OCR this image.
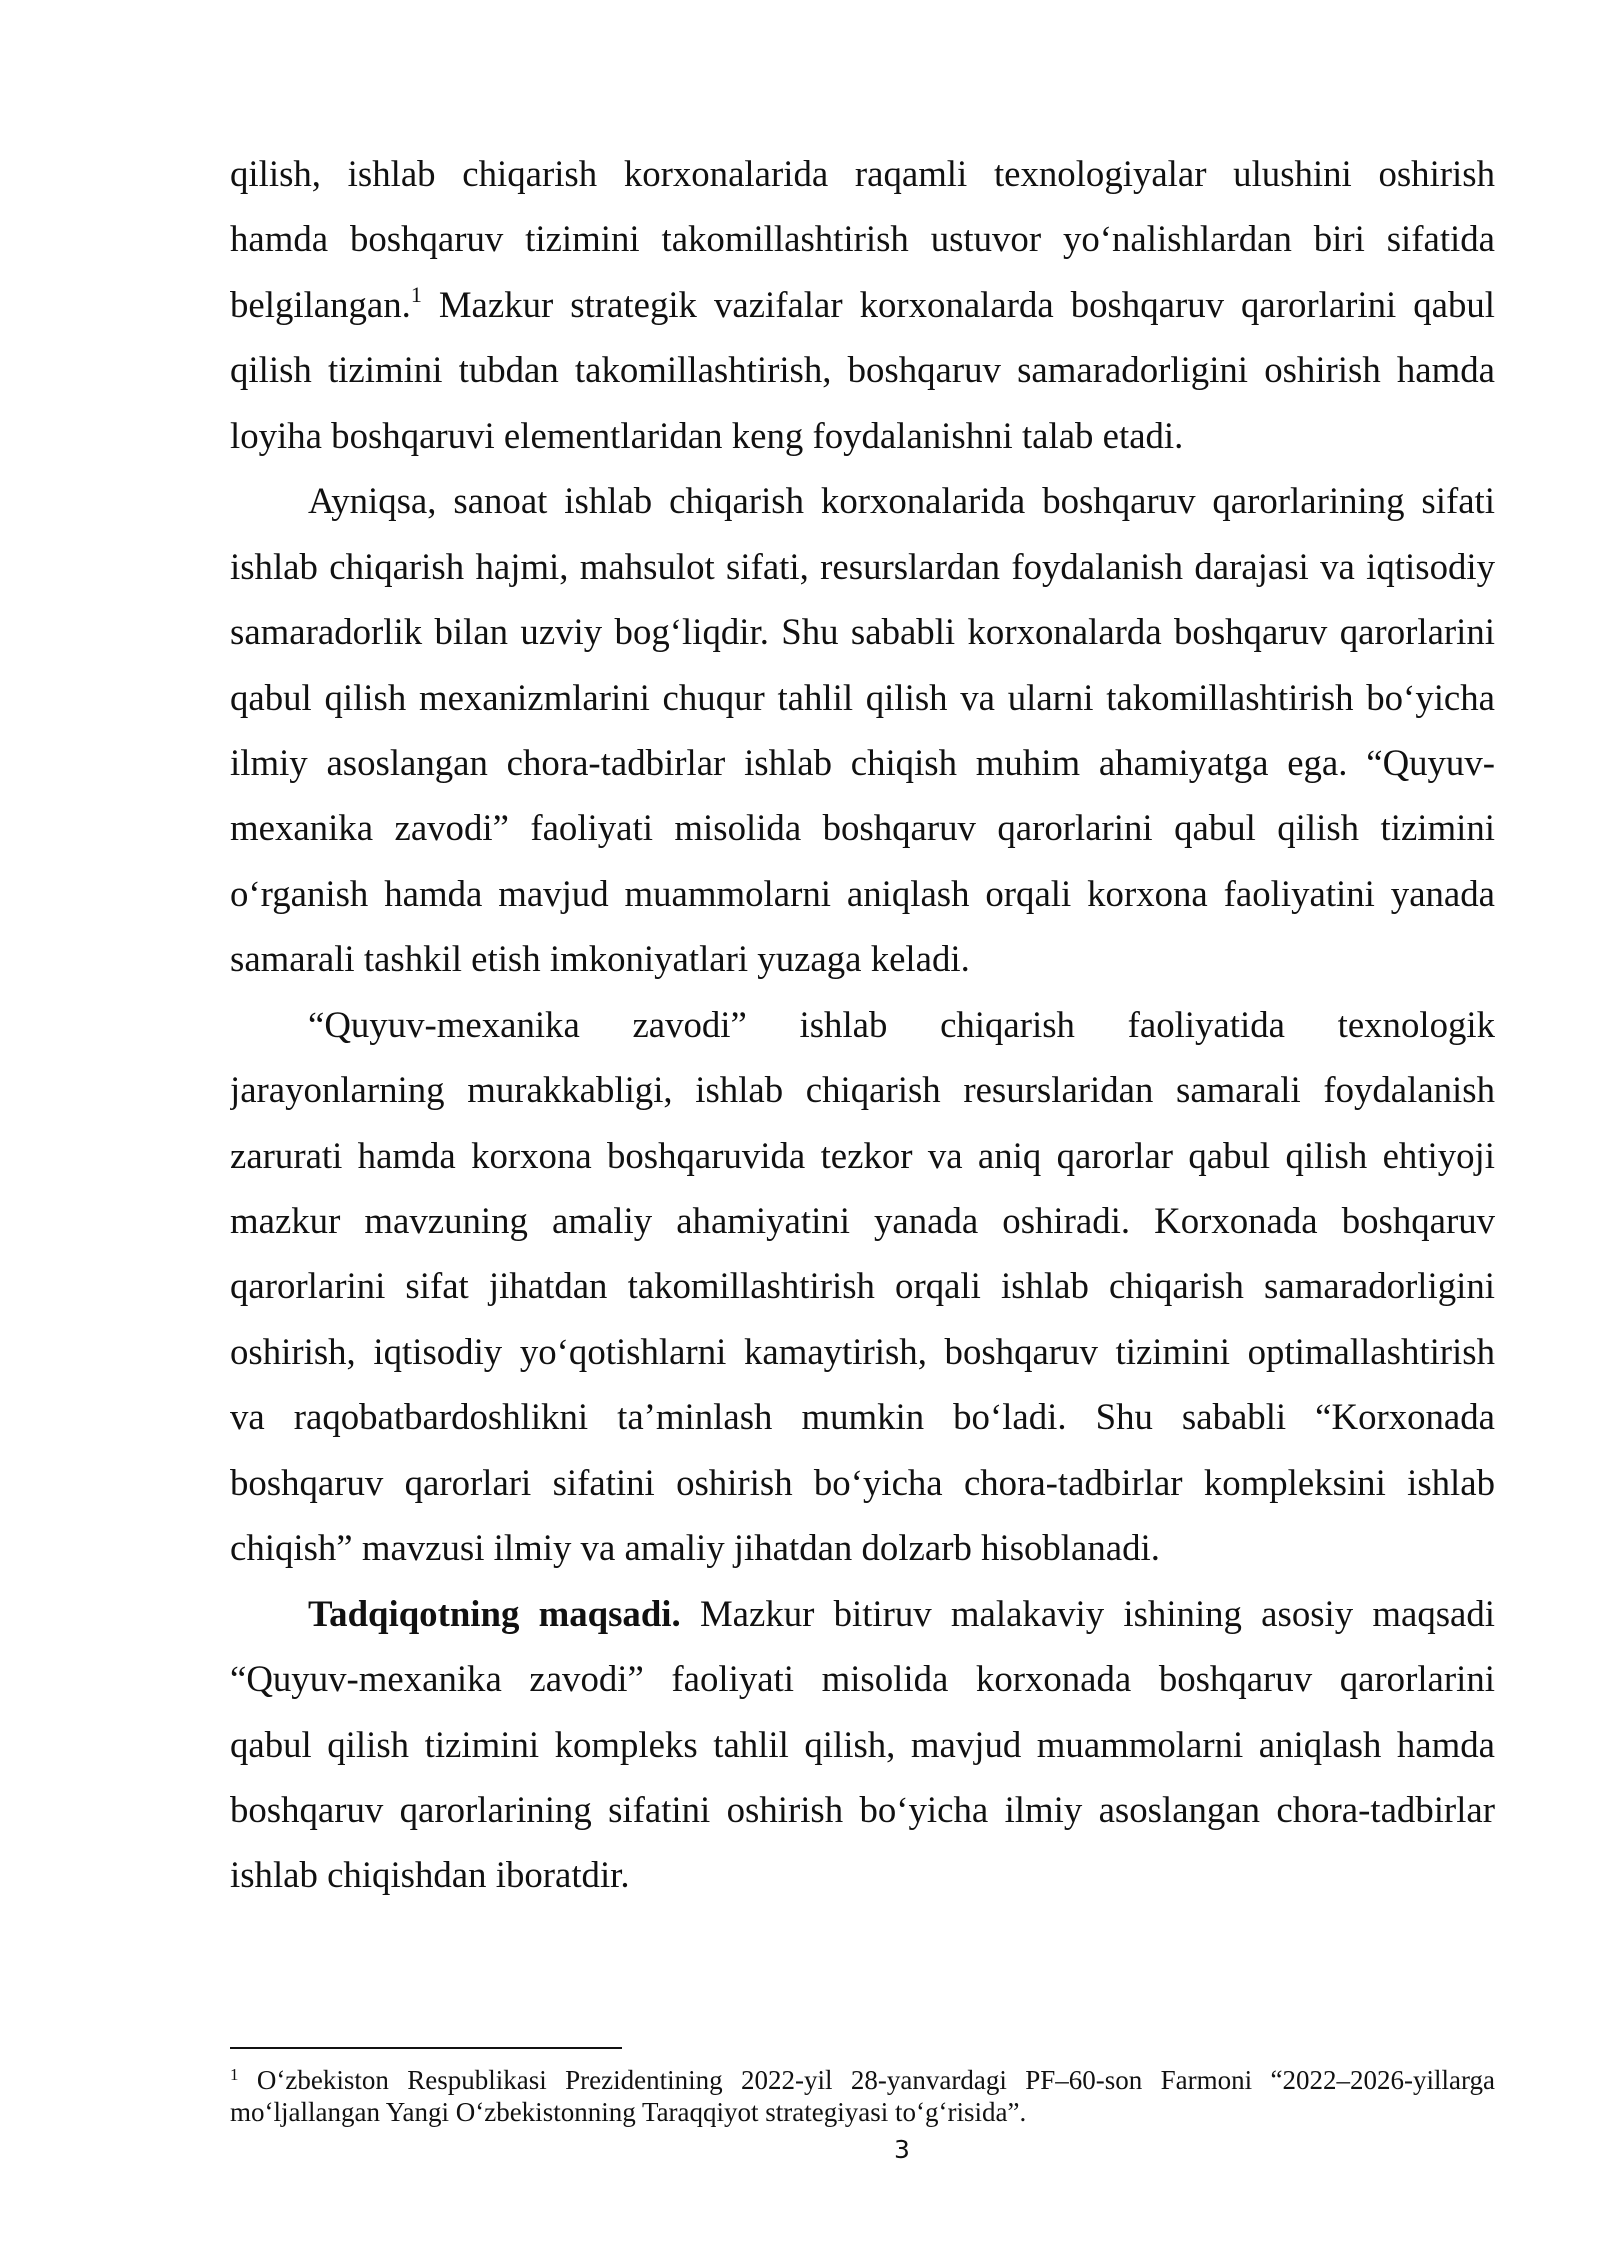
qilish, ishlab chiqarish korxonalarida raqamli texnologiyalar ulushini oshirish
hamda boshqaruv tizimini takomillashtirish ustuvor yo‘nalishlardan biri sifatida
belgilangan.$^1$ Mazkur strategik vazifalar korxonalarda boshqaruv qarorlarini qabul
qilish tizimini tubdan takomillashtirish, boshqaruv samaradorligini oshirish hamda
loyiha boshqaruvi elementlaridan keng foydalanishni talab etadi.
Ayniqsa, sanoat ishlab chiqarish korxonalarida boshqaruv qarorlarining sifati
ishlab chiqarish hajmi, mahsulot sifati, resurslardan foydalanish darajasi va iqtisodiy
samaradorlik bilan uzviy bog‘liqdir. Shu sababli korxonalarda boshqaruv qarorlarini
qabul qilish mexanizmlarini chuqur tahlil qilish va ularni takomillashtirish bo‘yicha
ilmiy asoslangan chora-tadbirlar ishlab chiqish muhim ahamiyatga ega. “Quyuv-
mexanika zavodi” faoliyati misolida boshqaruv qarorlarini qabul qilish tizimini
o‘rganish hamda mavjud muammolarni aniqlash orqali korxona faoliyatini yanada
samarali tashkil etish imkoniyatlari yuzaga keladi.
“Quyuv-mexanika zavodi” ishlab chiqarish faoliyatida texnologik
jarayonlarning murakkabligi, ishlab chiqarish resurslaridan samarali foydalanish
zarurati hamda korxona boshqaruvida tezkor va aniq qarorlar qabul qilish ehtiyoji
mazkur mavzuning amaliy ahamiyatini yanada oshiradi. Korxonada boshqaruv
qarorlarini sifat jihatdan takomillashtirish orqali ishlab chiqarish samaradorligini
oshirish, iqtisodiy yo‘qotishlarni kamaytirish, boshqaruv tizimini optimallashtirish
va raqobatbardoshlikni ta’minlash mumkin bo‘ladi. Shu sababli “Korxonada
boshqaruv qarorlari sifatini oshirish bo‘yicha chora-tadbirlar kompleksini ishlab
chiqish” mavzusi ilmiy va amaliy jihatdan dolzarb hisoblanadi.
Tadqiqotning maqsadi. Mazkur bitiruv malakaviy ishining asosiy maqsadi
“Quyuv-mexanika zavodi” faoliyati misolida korxonada boshqaruv qarorlarini
qabul qilish tizimini kompleks tahlil qilish, mavjud muammolarni aniqlash hamda
boshqaruv qarorlarining sifatini oshirish bo‘yicha ilmiy asoslangan chora-tadbirlar
ishlab chiqishdan iboratdir.
$^1$ O‘zbekiston Respublikasi Prezidentining 2022-yil 28-yanvardagi PF–60-son Farmoni “2022–2026-yillarga
mo‘ljallangan Yangi O‘zbekistonning Taraqqiyot strategiyasi to‘g‘risida”.
3
